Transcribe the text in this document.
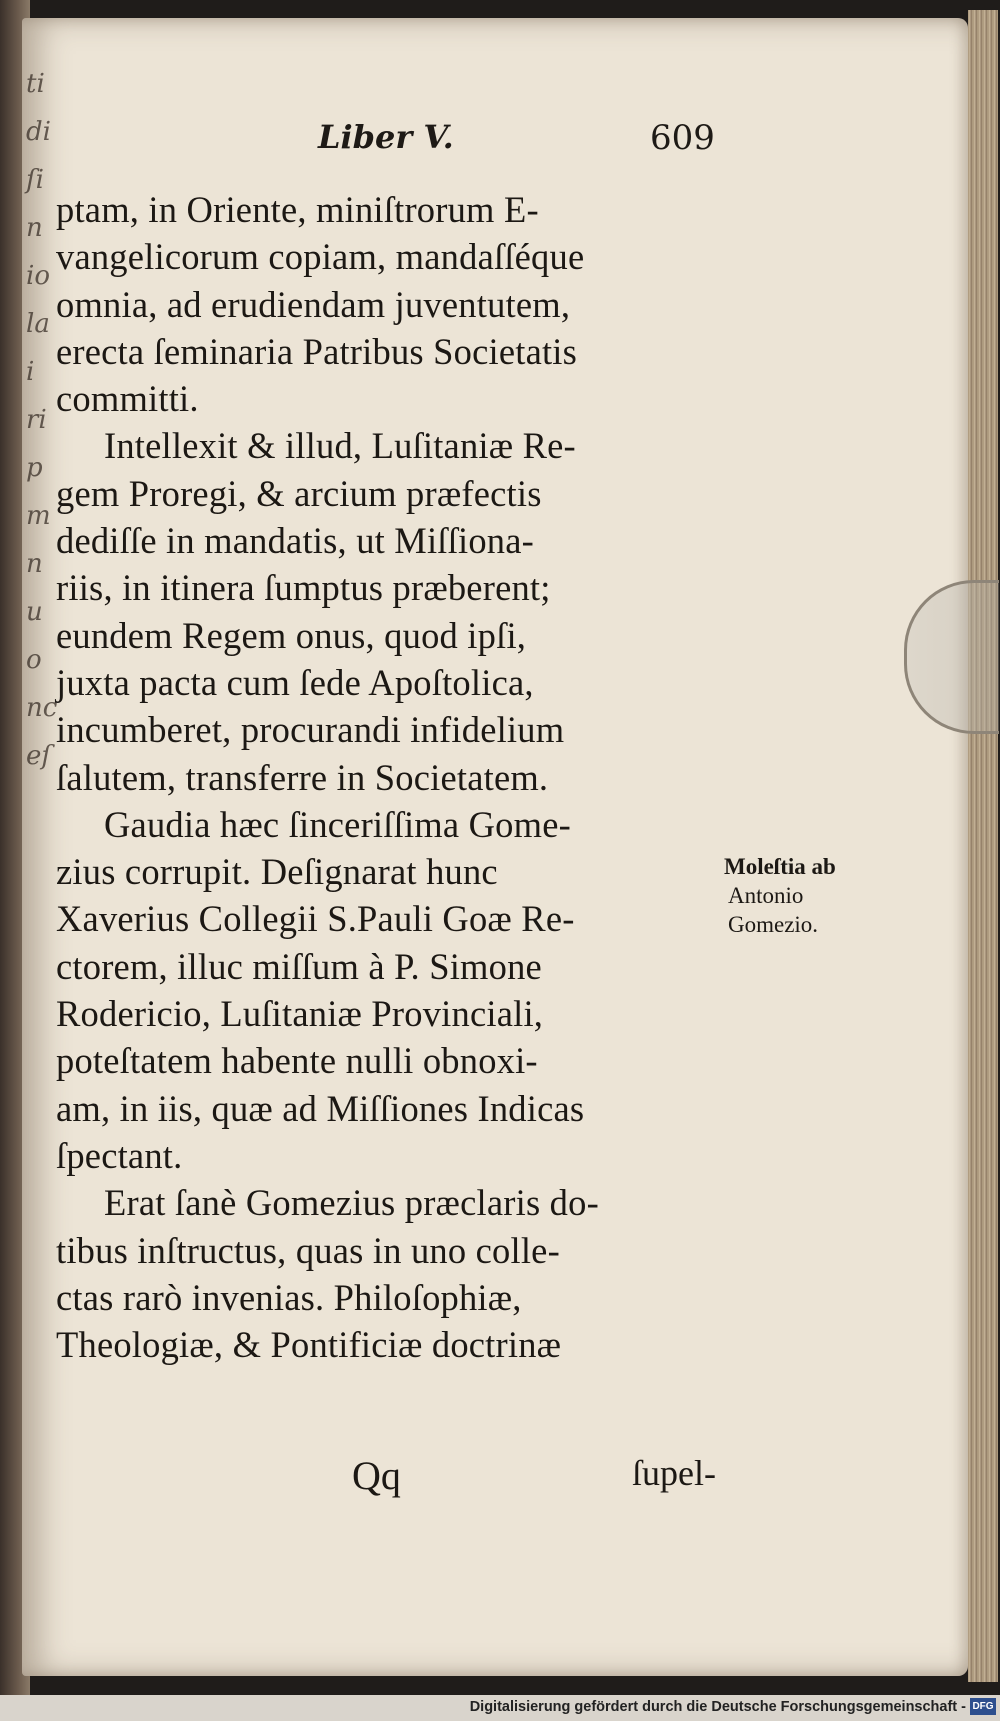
ti
di
ſi
n
io
la
i
ri
p
m
n
u
o
nc
eſ
Liber V.	609
ptam, in Oriente, miniſtrorum E-
vangelicorum copiam, mandaſſéque
omnia, ad erudiendam juventutem,
erecta ſeminaria Patribus Societatis
committi.
Intellexit & illud, Luſitaniæ Re-
gem Proregi, & arcium præfectis
dediſſe in mandatis, ut Miſſiona-
riis, in itinera ſumptus præberent;
eundem Regem onus, quod ipſi,
juxta pacta cum ſede Apoſtolica,
incumberet, procurandi infidelium
ſalutem, transferre in Societatem.
Gaudia hæc ſinceriſſima Gome-
zius corrupit. Deſignarat hunc
Xaverius Collegii S.Pauli Goæ Re-
ctorem, illuc miſſum à P. Simone
Rodericio, Luſitaniæ Provinciali,
poteſtatem habente nulli obnoxi-
am, in iis, quæ ad Miſſiones Indicas
ſpectant.
Erat ſanè Gomezius præclaris do-
tibus inſtructus, quas in uno colle-
ctas rarò invenias. Philoſophiæ,
Theologiæ, & Pontificiæ doctrinæ
Qq	ſupel-
Moleſtia ab
Antonio
Gomezio.
Digitalisierung gefördert durch die Deutsche Forschungsgemeinschaft - DFG
